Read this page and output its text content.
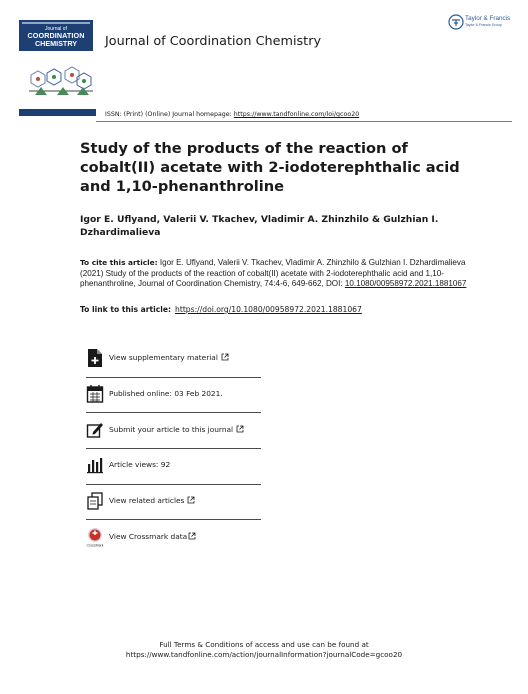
Journal of
COORDINATION
CHEMISTRY	Journal of Coordination Chemistry
Taylor & Francis
Taylor & Francis Group
ISSN: (Print) (Online) Journal homepage: https://www.tandfonline.com/loi/gcoo20
Study of the products of the reaction of cobalt(II) acetate with 2-iodoterephthalic acid and 1,10-phenanthroline

Igor E. Uflyand, Valerii V. Tkachev, Vladimir A. Zhinzhilo & Gulzhian I. Dzhardimalieva

To cite this article: Igor E. Uflyand, Valerii V. Tkachev, Vladimir A. Zhinzhilo & Gulzhian I. Dzhardimalieva (2021) Study of the products of the reaction of cobalt(II) acetate with 2-iodoterephthalic acid and 1,10-phenanthroline, Journal of Coordination Chemistry, 74:4-6, 649-662, DOI: 10.1080/00958972.2021.1881067

To link to this article: https://doi.org/10.1080/00958972.2021.1881067
View supplementary material
Published online: 03 Feb 2021.
Submit your article to this journal
Article views: 92
View related articles
CrossMark
View Crossmark data
Full Terms & Conditions of access and use can be found at
https://www.tandfonline.com/action/journalInformation?journalCode=gcoo20
